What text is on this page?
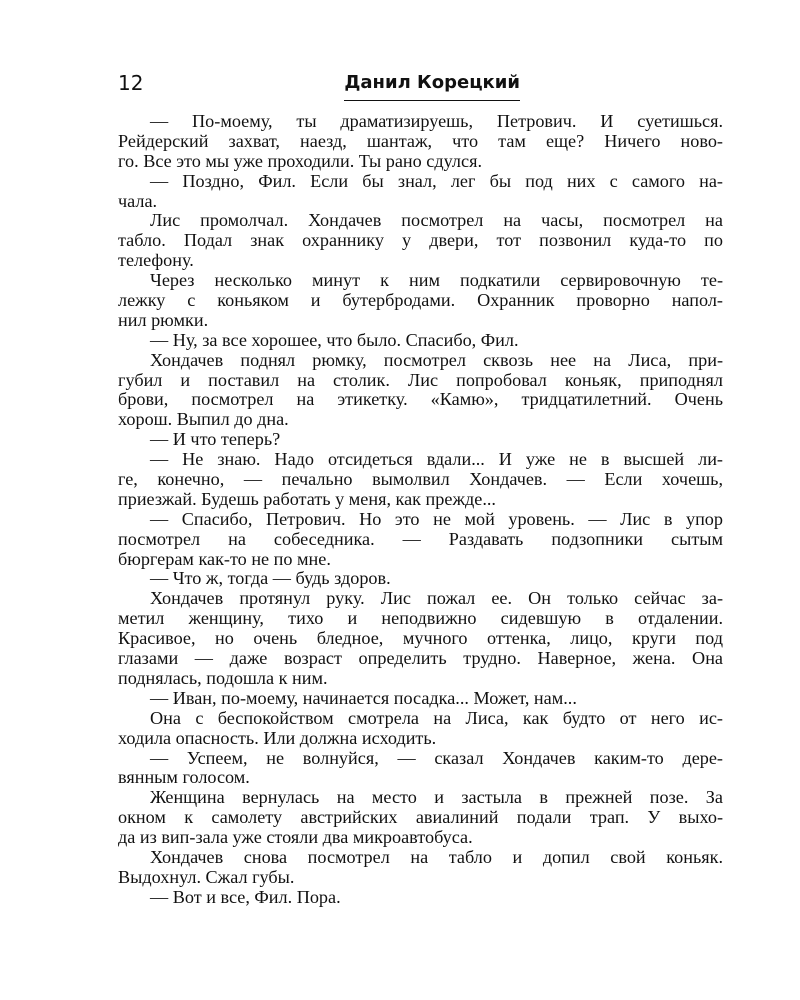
12	Данил Корецкий
— По-моему, ты драматизируешь, Петрович. И суетишься.
Рейдерский захват, наезд, шантаж, что там еще? Ничего ново-
го. Все это мы уже проходили. Ты рано сдулся.
— Поздно, Фил. Если бы знал, лег бы под них с самого на-
чала.
Лис промолчал. Хондачев посмотрел на часы, посмотрел на
табло. Подал знак охраннику у двери, тот позвонил куда-то по
телефону.
Через несколько минут к ним подкатили сервировочную те-
лежку с коньяком и бутербродами. Охранник проворно напол-
нил рюмки.
— Ну, за все хорошее, что было. Спасибо, Фил.
Хондачев поднял рюмку, посмотрел сквозь нее на Лиса, при-
губил и поставил на столик. Лис попробовал коньяк, приподнял
брови, посмотрел на этикетку. «Камю», тридцатилетний. Очень
хорош. Выпил до дна.
— И что теперь?
— Не знаю. Надо отсидеться вдали... И уже не в высшей ли-
ге, конечно, — печально вымолвил Хондачев. — Если хочешь,
приезжай. Будешь работать у меня, как прежде...
— Спасибо, Петрович. Но это не мой уровень. — Лис в упор
посмотрел на собеседника. — Раздавать подзопники сытым
бюргерам как-то не по мне.
— Что ж, тогда — будь здоров.
Хондачев протянул руку. Лис пожал ее. Он только сейчас за-
метил женщину, тихо и неподвижно сидевшую в отдалении.
Красивое, но очень бледное, мучного оттенка, лицо, круги под
глазами — даже возраст определить трудно. Наверное, жена. Она
поднялась, подошла к ним.
— Иван, по-моему, начинается посадка... Может, нам...
Она с беспокойством смотрела на Лиса, как будто от него ис-
ходила опасность. Или должна исходить.
— Успеем, не волнуйся, — сказал Хондачев каким-то дере-
вянным голосом.
Женщина вернулась на место и застыла в прежней позе. За
окном к самолету австрийских авиалиний подали трап. У выхо-
да из вип-зала уже стояли два микроавтобуса.
Хондачев снова посмотрел на табло и допил свой коньяк.
Выдохнул. Сжал губы.
— Вот и все, Фил. Пора.
